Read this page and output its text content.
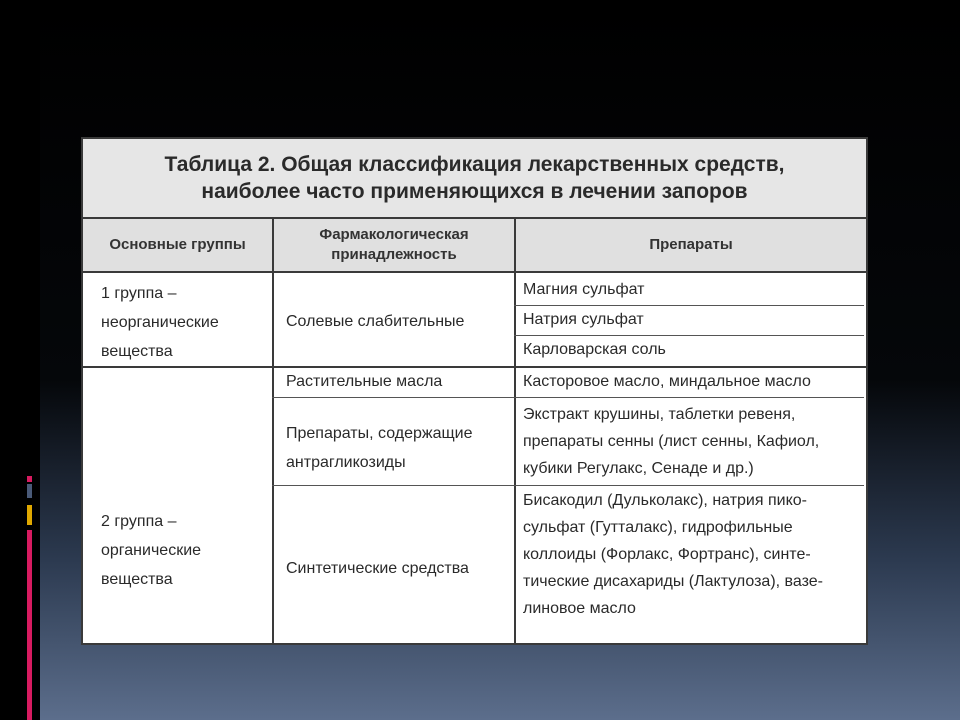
Таблица 2. Общая классификация лекарственных средств,
наиболее часто применяющихся в лечении запоров
Основные группы
Фармакологическая
принадлежность
Препараты
1 группа –
неорганические
вещества
Солевые слабительные
Магния сульфат
Натрия сульфат
Карловарская соль
2 группа –
органические
вещества
Растительные масла	Касторовое масло, миндальное масло
Препараты, содержащие
антрагликозиды
Экстракт крушины, таблетки ревеня,
препараты сенны (лист сенны, Кафиол,
кубики Регулакс, Сенаде и др.)
Синтетические средства
Бисакодил (Дульколакс), натрия пико-
сульфат (Гутталакс), гидрофильные
коллоиды (Форлакс, Фортранс), синте-
тические дисахариды (Лактулоза), вазе-
линовое масло
